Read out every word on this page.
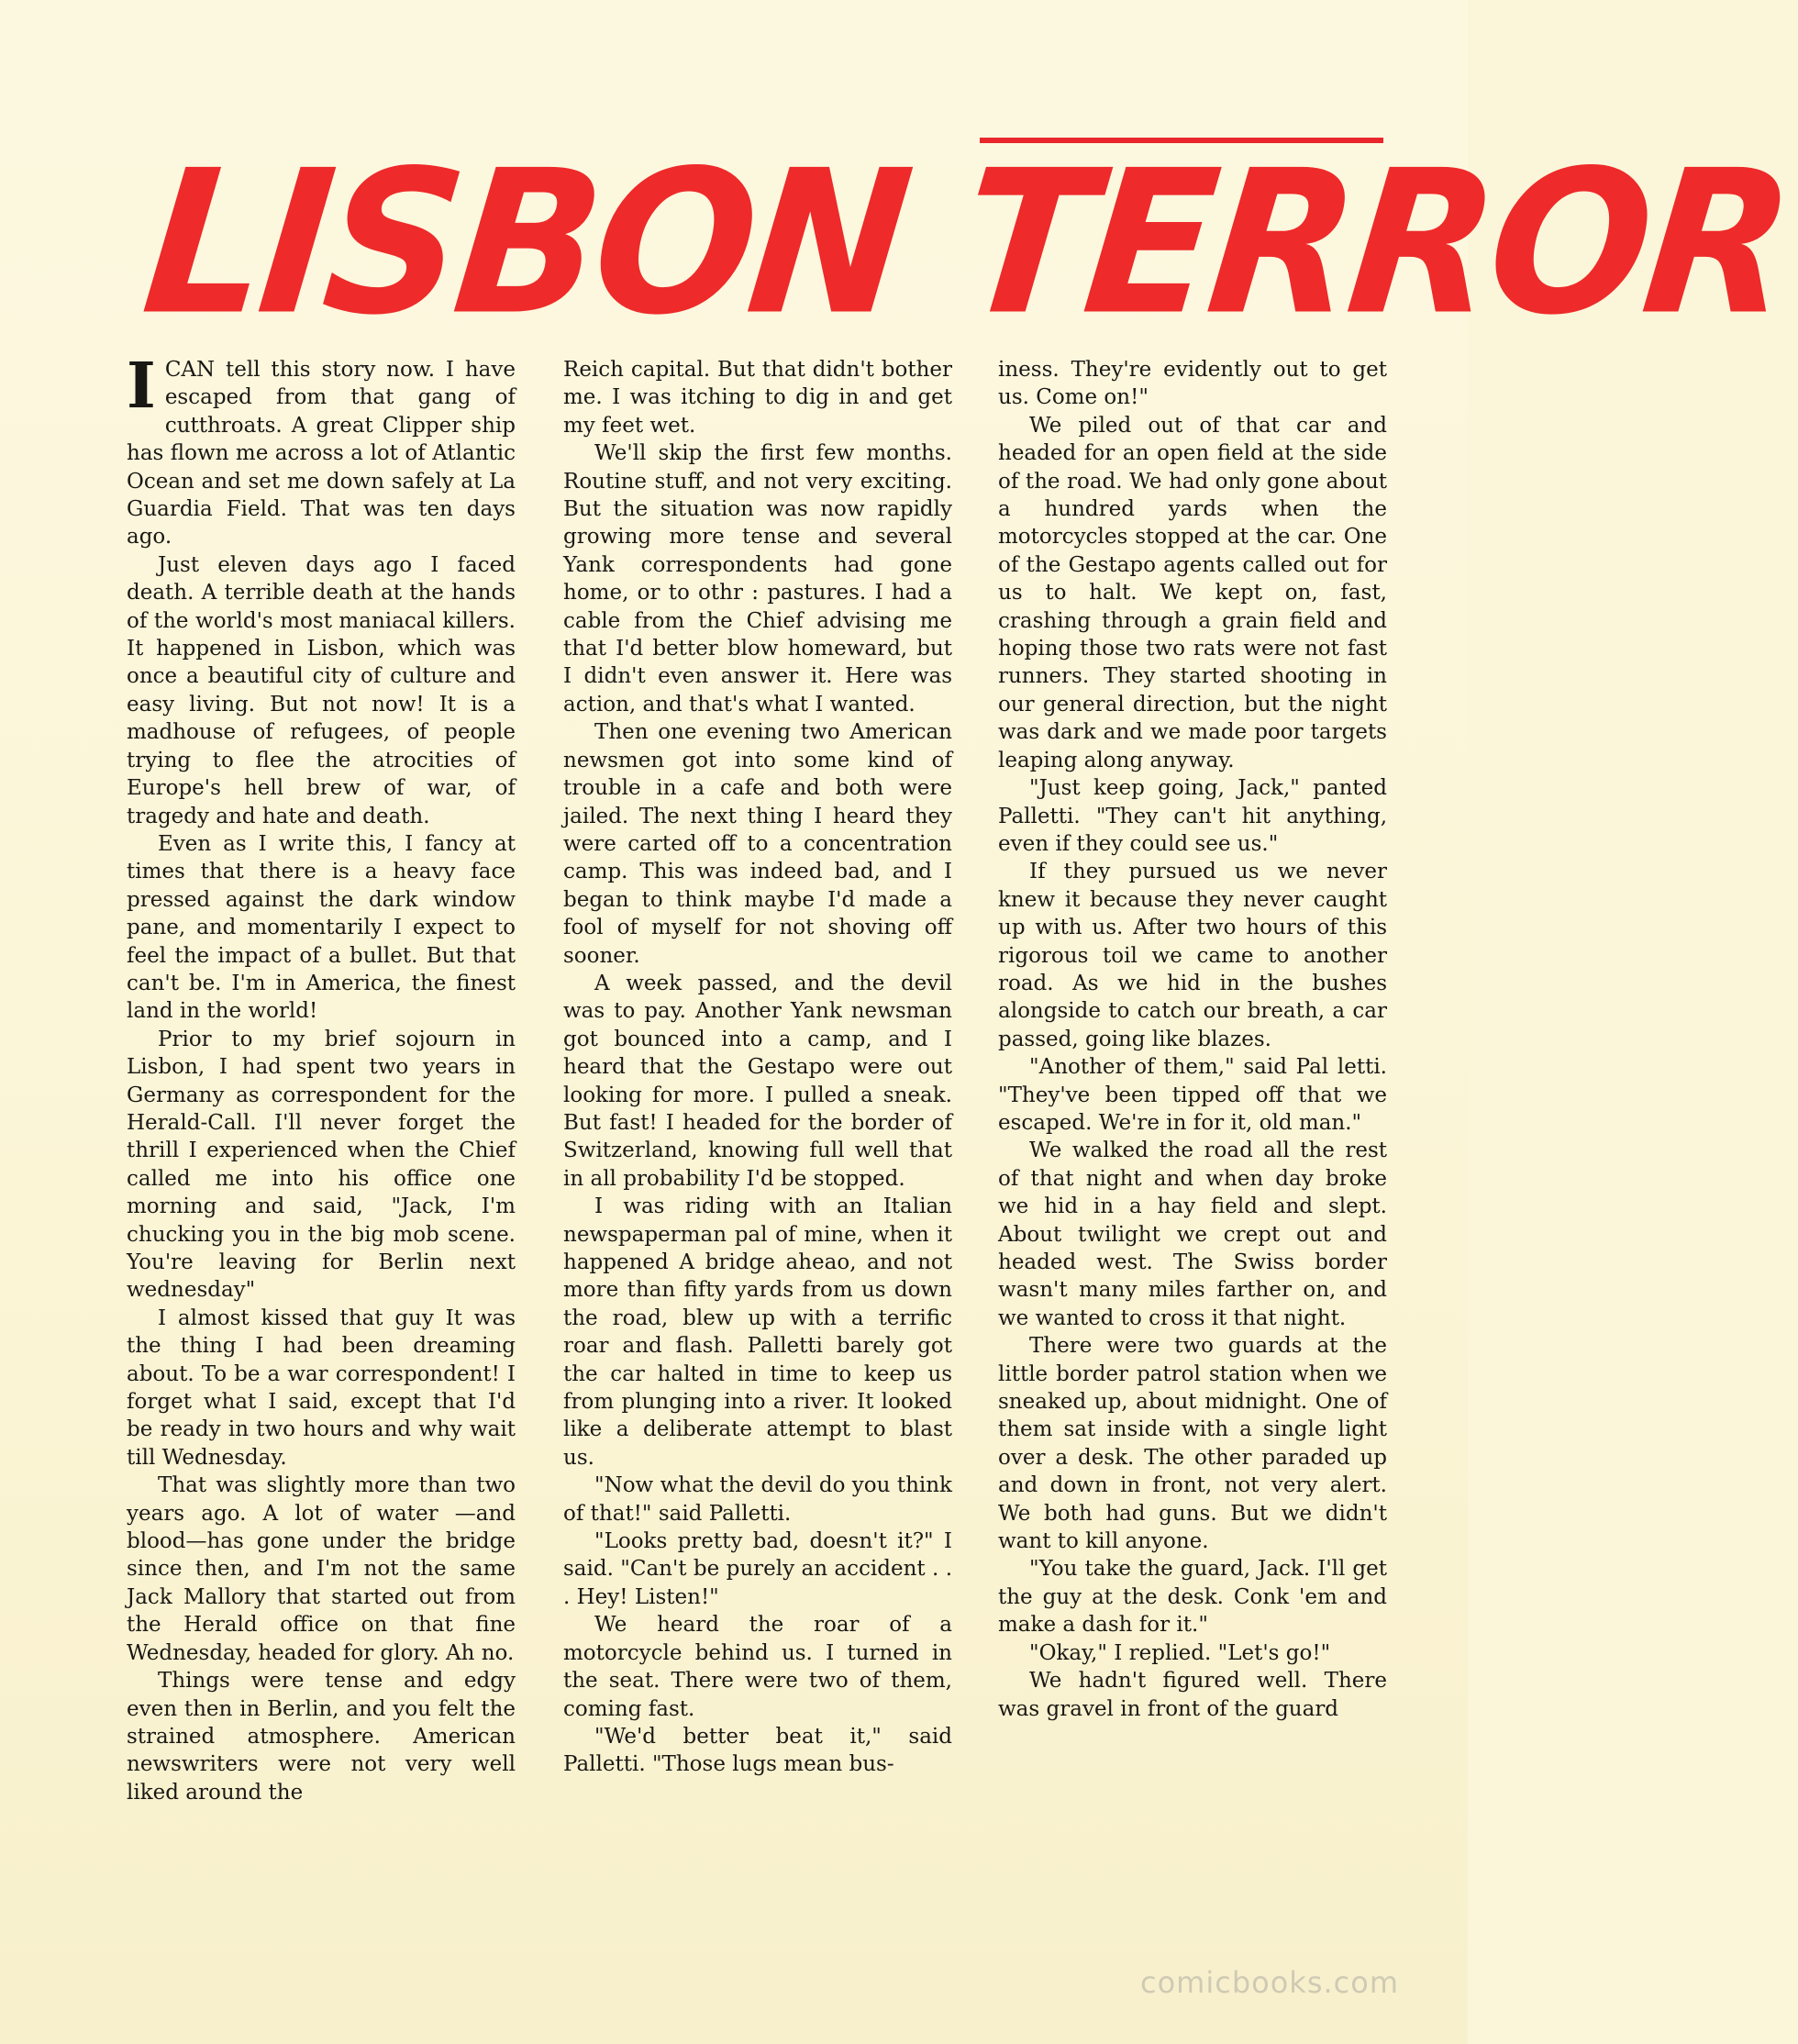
LISBON TERROR

I CAN tell this story now. I have escaped from that gang of cutthroats. A great Clipper ship has flown me across a lot of Atlantic Ocean and set me down safely at La Guardia Field. That was ten days ago.

Just eleven days ago I faced death. A terrible death at the hands of the world's most maniacal killers. It happened in Lisbon, which was once a beautiful city of culture and easy living. But not now! It is a madhouse of refugees, of people trying to flee the atrocities of Europe's hell brew of war, of tragedy and hate and death.

Even as I write this, I fancy at times that there is a heavy face pressed against the dark window pane, and momentarily I expect to feel the impact of a bullet. But that can't be. I'm in America, the finest land in the world!

Prior to my brief sojourn in Lisbon, I had spent two years in Germany as correspondent for the Herald-Call. I'll never forget the thrill I experienced when the Chief called me into his office one morning and said, "Jack, I'm chucking you in the big mob scene. You're leaving for Berlin next wednesday"

I almost kissed that guy It was the thing I had been dreaming about. To be a war correspondent! I forget what I said, except that I'd be ready in two hours and why wait till Wednesday.

That was slightly more than two years ago. A lot of water —and blood—has gone under the bridge since then, and I'm not the same Jack Mallory that started out from the Herald office on that fine Wednesday, headed for glory. Ah no.

Things were tense and edgy even then in Berlin, and you felt the strained atmosphere. American newswriters were not very well liked around the

Reich capital. But that didn't bother me. I was itching to dig in and get my feet wet.

We'll skip the first few months. Routine stuff, and not very exciting. But the situation was now rapidly growing more tense and several Yank correspondents had gone home, or to othr : pastures. I had a cable from the Chief advising me that I'd better blow homeward, but I didn't even answer it. Here was action, and that's what I wanted.

Then one evening two American newsmen got into some kind of trouble in a cafe and both were jailed. The next thing I heard they were carted off to a concentration camp. This was indeed bad, and I began to think maybe I'd made a fool of myself for not shoving off sooner.

A week passed, and the devil was to pay. Another Yank newsman got bounced into a camp, and I heard that the Gestapo were out looking for more. I pulled a sneak. But fast! I headed for the border of Switzerland, knowing full well that in all probability I'd be stopped.

I was riding with an Italian newspaperman pal of mine, when it happened A bridge aheao, and not more than fifty yards from us down the road, blew up with a terrific roar and flash. Palletti barely got the car halted in time to keep us from plunging into a river. It looked like a deliberate attempt to blast us.

"Now what the devil do you think of that!" said Palletti.

"Looks pretty bad, doesn't it?" I said. "Can't be purely an accident . . . Hey! Listen!"

We heard the roar of a motorcycle behind us. I turned in the seat. There were two of them, coming fast.

"We'd better beat it," said Palletti. "Those lugs mean bus-

iness. They're evidently out to get us. Come on!"

We piled out of that car and headed for an open field at the side of the road. We had only gone about a hundred yards when the motorcycles stopped at the car. One of the Gestapo agents called out for us to halt. We kept on, fast, crashing through a grain field and hoping those two rats were not fast runners. They started shooting in our general direction, but the night was dark and we made poor targets leaping along anyway.

"Just keep going, Jack," panted Palletti. "They can't hit anything, even if they could see us."

If they pursued us we never knew it because they never caught up with us. After two hours of this rigorous toil we came to another road. As we hid in the bushes alongside to catch our breath, a car passed, going like blazes.

"Another of them," said Pal letti. "They've been tipped off that we escaped. We're in for it, old man."

We walked the road all the rest of that night and when day broke we hid in a hay field and slept. About twilight we crept out and headed west. The Swiss border wasn't many miles farther on, and we wanted to cross it that night.

There were two guards at the little border patrol station when we sneaked up, about midnight. One of them sat inside with a single light over a desk. The other paraded up and down in front, not very alert. We both had guns. But we didn't want to kill anyone.

"You take the guard, Jack. I'll get the guy at the desk. Conk 'em and make a dash for it."

"Okay," I replied. "Let's go!"

We hadn't figured well. There was gravel in front of the guard

comicbooks.com
